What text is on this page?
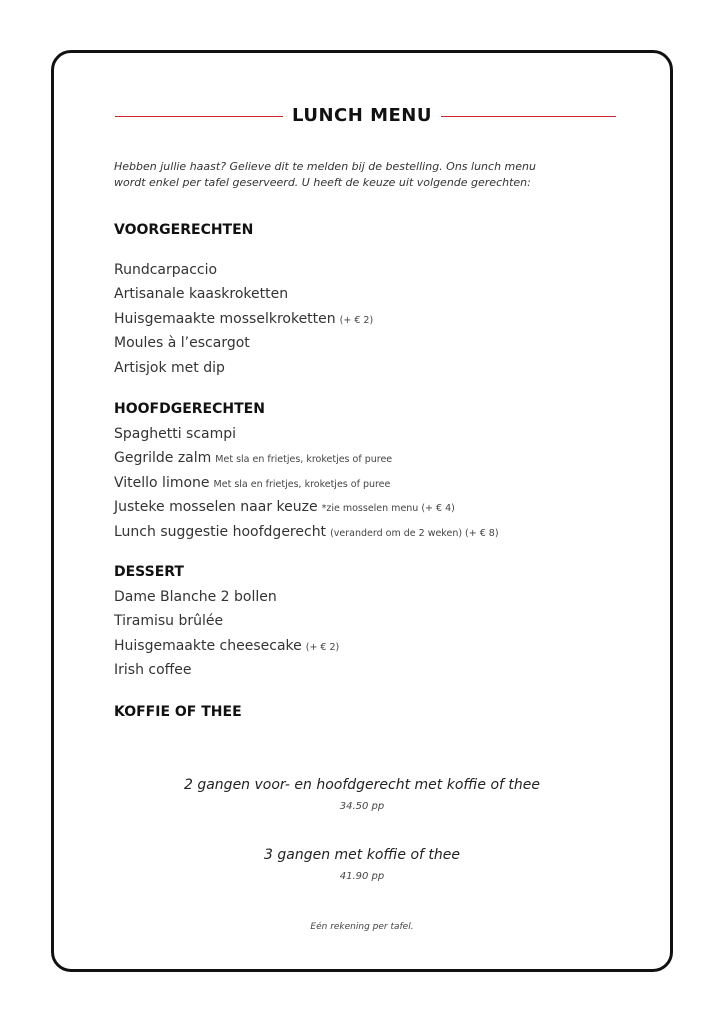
LUNCH MENU
Hebben jullie haast? Gelieve dit te melden bij de bestelling. Ons lunch menu
wordt enkel per tafel geserveerd. U heeft de keuze uit volgende gerechten:
VOORGERECHTEN
Rundcarpaccio
Artisanale kaaskroketten
Huisgemaakte mosselkroketten (+ € 2)
Moules à l’escargot
Artisjok met dip
HOOFDGERECHTEN
Spaghetti scampi
Gegrilde zalm Met sla en frietjes, kroketjes of puree
Vitello limone Met sla en frietjes, kroketjes of puree
Justeke mosselen naar keuze *zie mosselen menu (+ € 4)
Lunch suggestie hoofdgerecht (veranderd om de 2 weken) (+ € 8)
DESSERT
Dame Blanche 2 bollen
Tiramisu brûlée
Huisgemaakte cheesecake (+ € 2)
Irish coffee
KOFFIE OF THEE
2 gangen voor- en hoofdgerecht met koffie of thee
34.50 pp
3 gangen met koffie of thee
41.90 pp
Eén rekening per tafel.
